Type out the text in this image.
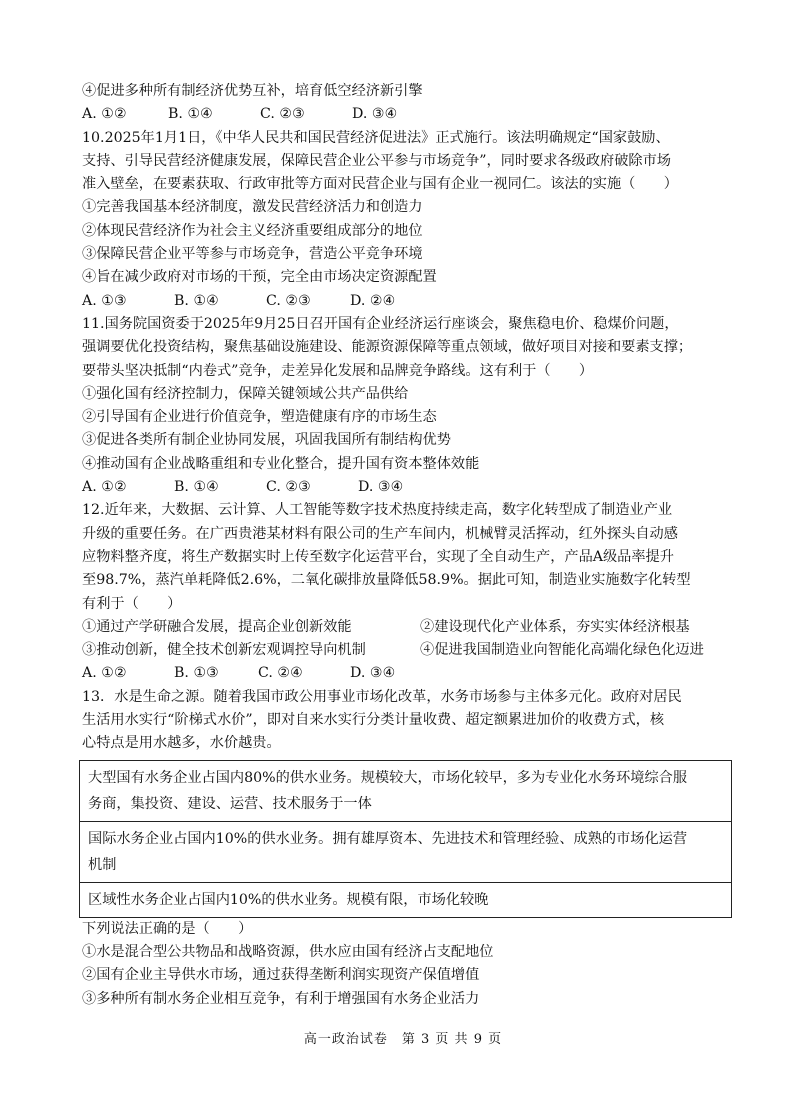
④促进多种所有制经济优势互补，培育低空经济新引擎
A. ①②	B. ①④	C. ②③	D. ③④
10.2025年1月1日，《中华人民共和国民营经济促进法》正式施行。该法明确规定“国家鼓励、
支持、引导民营经济健康发展，保障民营企业公平参与市场竞争”，同时要求各级政府破除市场
准入壁垒，在要素获取、行政审批等方面对民营企业与国有企业一视同仁。该法的实施（　　）
①完善我国基本经济制度，激发民营经济活力和创造力
②体现民营经济作为社会主义经济重要组成部分的地位
③保障民营企业平等参与市场竞争，营造公平竞争环境
④旨在减少政府对市场的干预，完全由市场决定资源配置
A. ①③	B. ①④	C. ②③	D. ②④
11.国务院国资委于2025年9月25日召开国有企业经济运行座谈会，聚焦稳电价、稳煤价问题，
强调要优化投资结构，聚焦基础设施建设、能源资源保障等重点领域，做好项目对接和要素支撑；
要带头坚决抵制“内卷式”竞争，走差异化发展和品牌竞争路线。这有利于（　　）
①强化国有经济控制力，保障关键领域公共产品供给
②引导国有企业进行价值竞争，塑造健康有序的市场生态
③促进各类所有制企业协同发展，巩固我国所有制结构优势
④推动国有企业战略重组和专业化整合，提升国有资本整体效能
A. ①②	B. ①④	C. ②③	D. ③④
12.近年来，大数据、云计算、人工智能等数字技术热度持续走高，数字化转型成了制造业产业
升级的重要任务。在广西贵港某材料有限公司的生产车间内，机械臂灵活挥动，红外探头自动感
应物料整齐度，将生产数据实时上传至数字化运营平台，实现了全自动生产，产品A级品率提升
至98.7%，蒸汽单耗降低2.6%，二氧化碳排放量降低58.9%。据此可知，制造业实施数字化转型
有利于（　　）
①通过产学研融合发展，提高企业创新效能	②建设现代化产业体系，夯实实体经济根基
③推动创新，健全技术创新宏观调控导向机制	④促进我国制造业向智能化高端化绿色化迈进
A. ①②	B. ①③	C. ②④	D. ③④
13．水是生命之源。随着我国市政公用事业市场化改革，水务市场参与主体多元化。政府对居民
生活用水实行“阶梯式水价”，即对自来水实行分类计量收费、超定额累进加价的收费方式，核
心特点是用水越多，水价越贵。
大型国有水务企业占国内80%的供水业务。规模较大，市场化较早，多为专业化水务环境综合服
务商，集投资、建设、运营、技术服务于一体
国际水务企业占国内10%的供水业务。拥有雄厚资本、先进技术和管理经验、成熟的市场化运营
机制
区域性水务企业占国内10%的供水业务。规模有限，市场化较晚
下列说法正确的是（　　）
①水是混合型公共物品和战略资源，供水应由国有经济占支配地位
②国有企业主导供水市场，通过获得垄断利润实现资产保值增值
③多种所有制水务企业相互竞争，有利于增强国有水务企业活力
高一政治试卷　第 3 页 共 9 页
